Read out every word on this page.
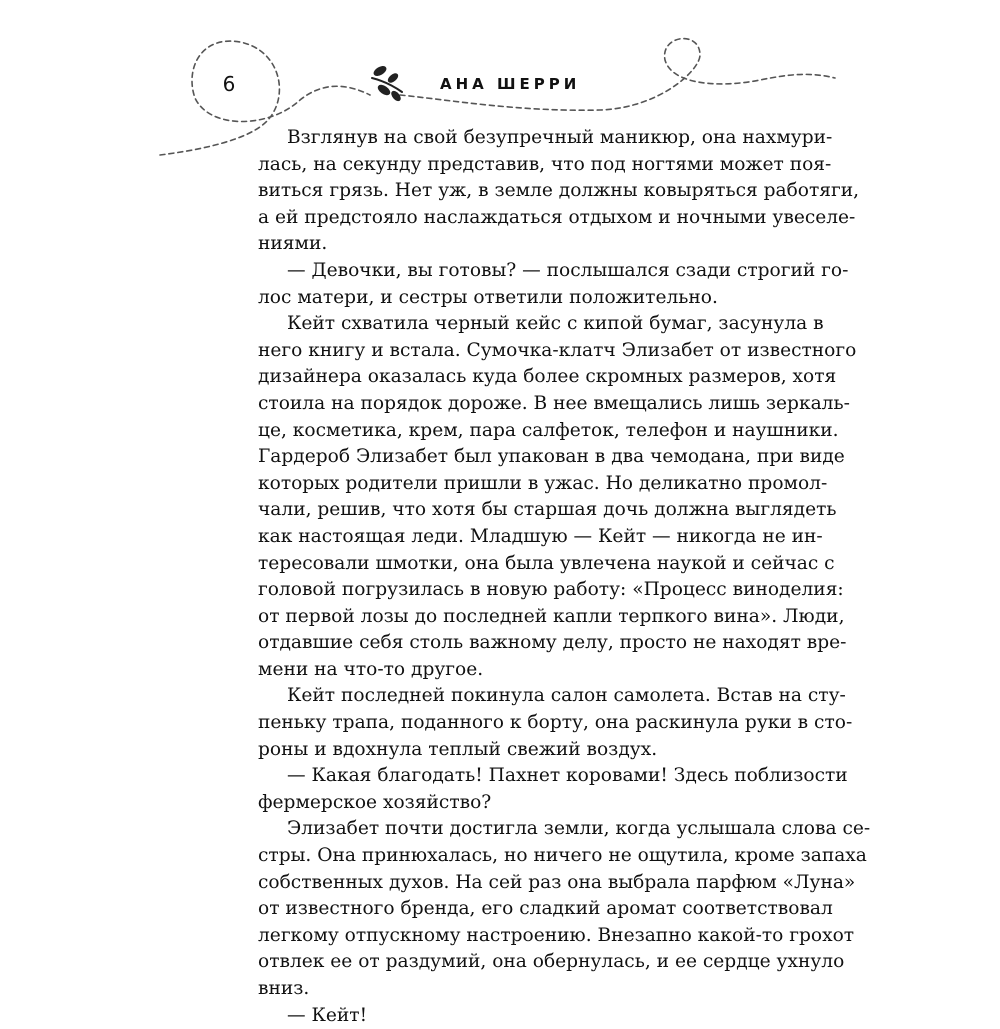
6	АНА ШЕРРИ
Взглянув на свой безупречный маникюр, она нахмури-
лась, на секунду представив, что под ногтями может поя-
виться грязь. Нет уж, в земле должны ковыряться работяги,
а ей предстояло наслаждаться отдыхом и ночными увеселе-
ниями.
— Девочки, вы готовы? — послышался сзади строгий го-
лос матери, и сестры ответили положительно.
Кейт схватила черный кейс с кипой бумаг, засунула в
него книгу и встала. Сумочка-клатч Элизабет от известного
дизайнера оказалась куда более скромных размеров, хотя
стоила на порядок дороже. В нее вмещались лишь зеркаль-
це, косметика, крем, пара салфеток, телефон и наушники.
Гардероб Элизабет был упакован в два чемодана, при виде
которых родители пришли в ужас. Но деликатно промол-
чали, решив, что хотя бы старшая дочь должна выглядеть
как настоящая леди. Младшую — Кейт — никогда не ин-
тересовали шмотки, она была увлечена наукой и сейчас с
головой погрузилась в новую работу: «Процесс виноделия:
от первой лозы до последней капли терпкого вина». Люди,
отдавшие себя столь важному делу, просто не находят вре-
мени на что-то другое.
Кейт последней покинула салон самолета. Встав на сту-
пеньку трапа, поданного к борту, она раскинула руки в сто-
роны и вдохнула теплый свежий воздух.
— Какая благодать! Пахнет коровами! Здесь поблизости
фермерское хозяйство?
Элизабет почти достигла земли, когда услышала слова се-
стры. Она принюхалась, но ничего не ощутила, кроме запаха
собственных духов. На сей раз она выбрала парфюм «Луна»
от известного бренда, его сладкий аромат соответствовал
легкому отпускному настроению. Внезапно какой-то грохот
отвлек ее от раздумий, она обернулась, и ее сердце ухнуло
вниз.
— Кейт!
